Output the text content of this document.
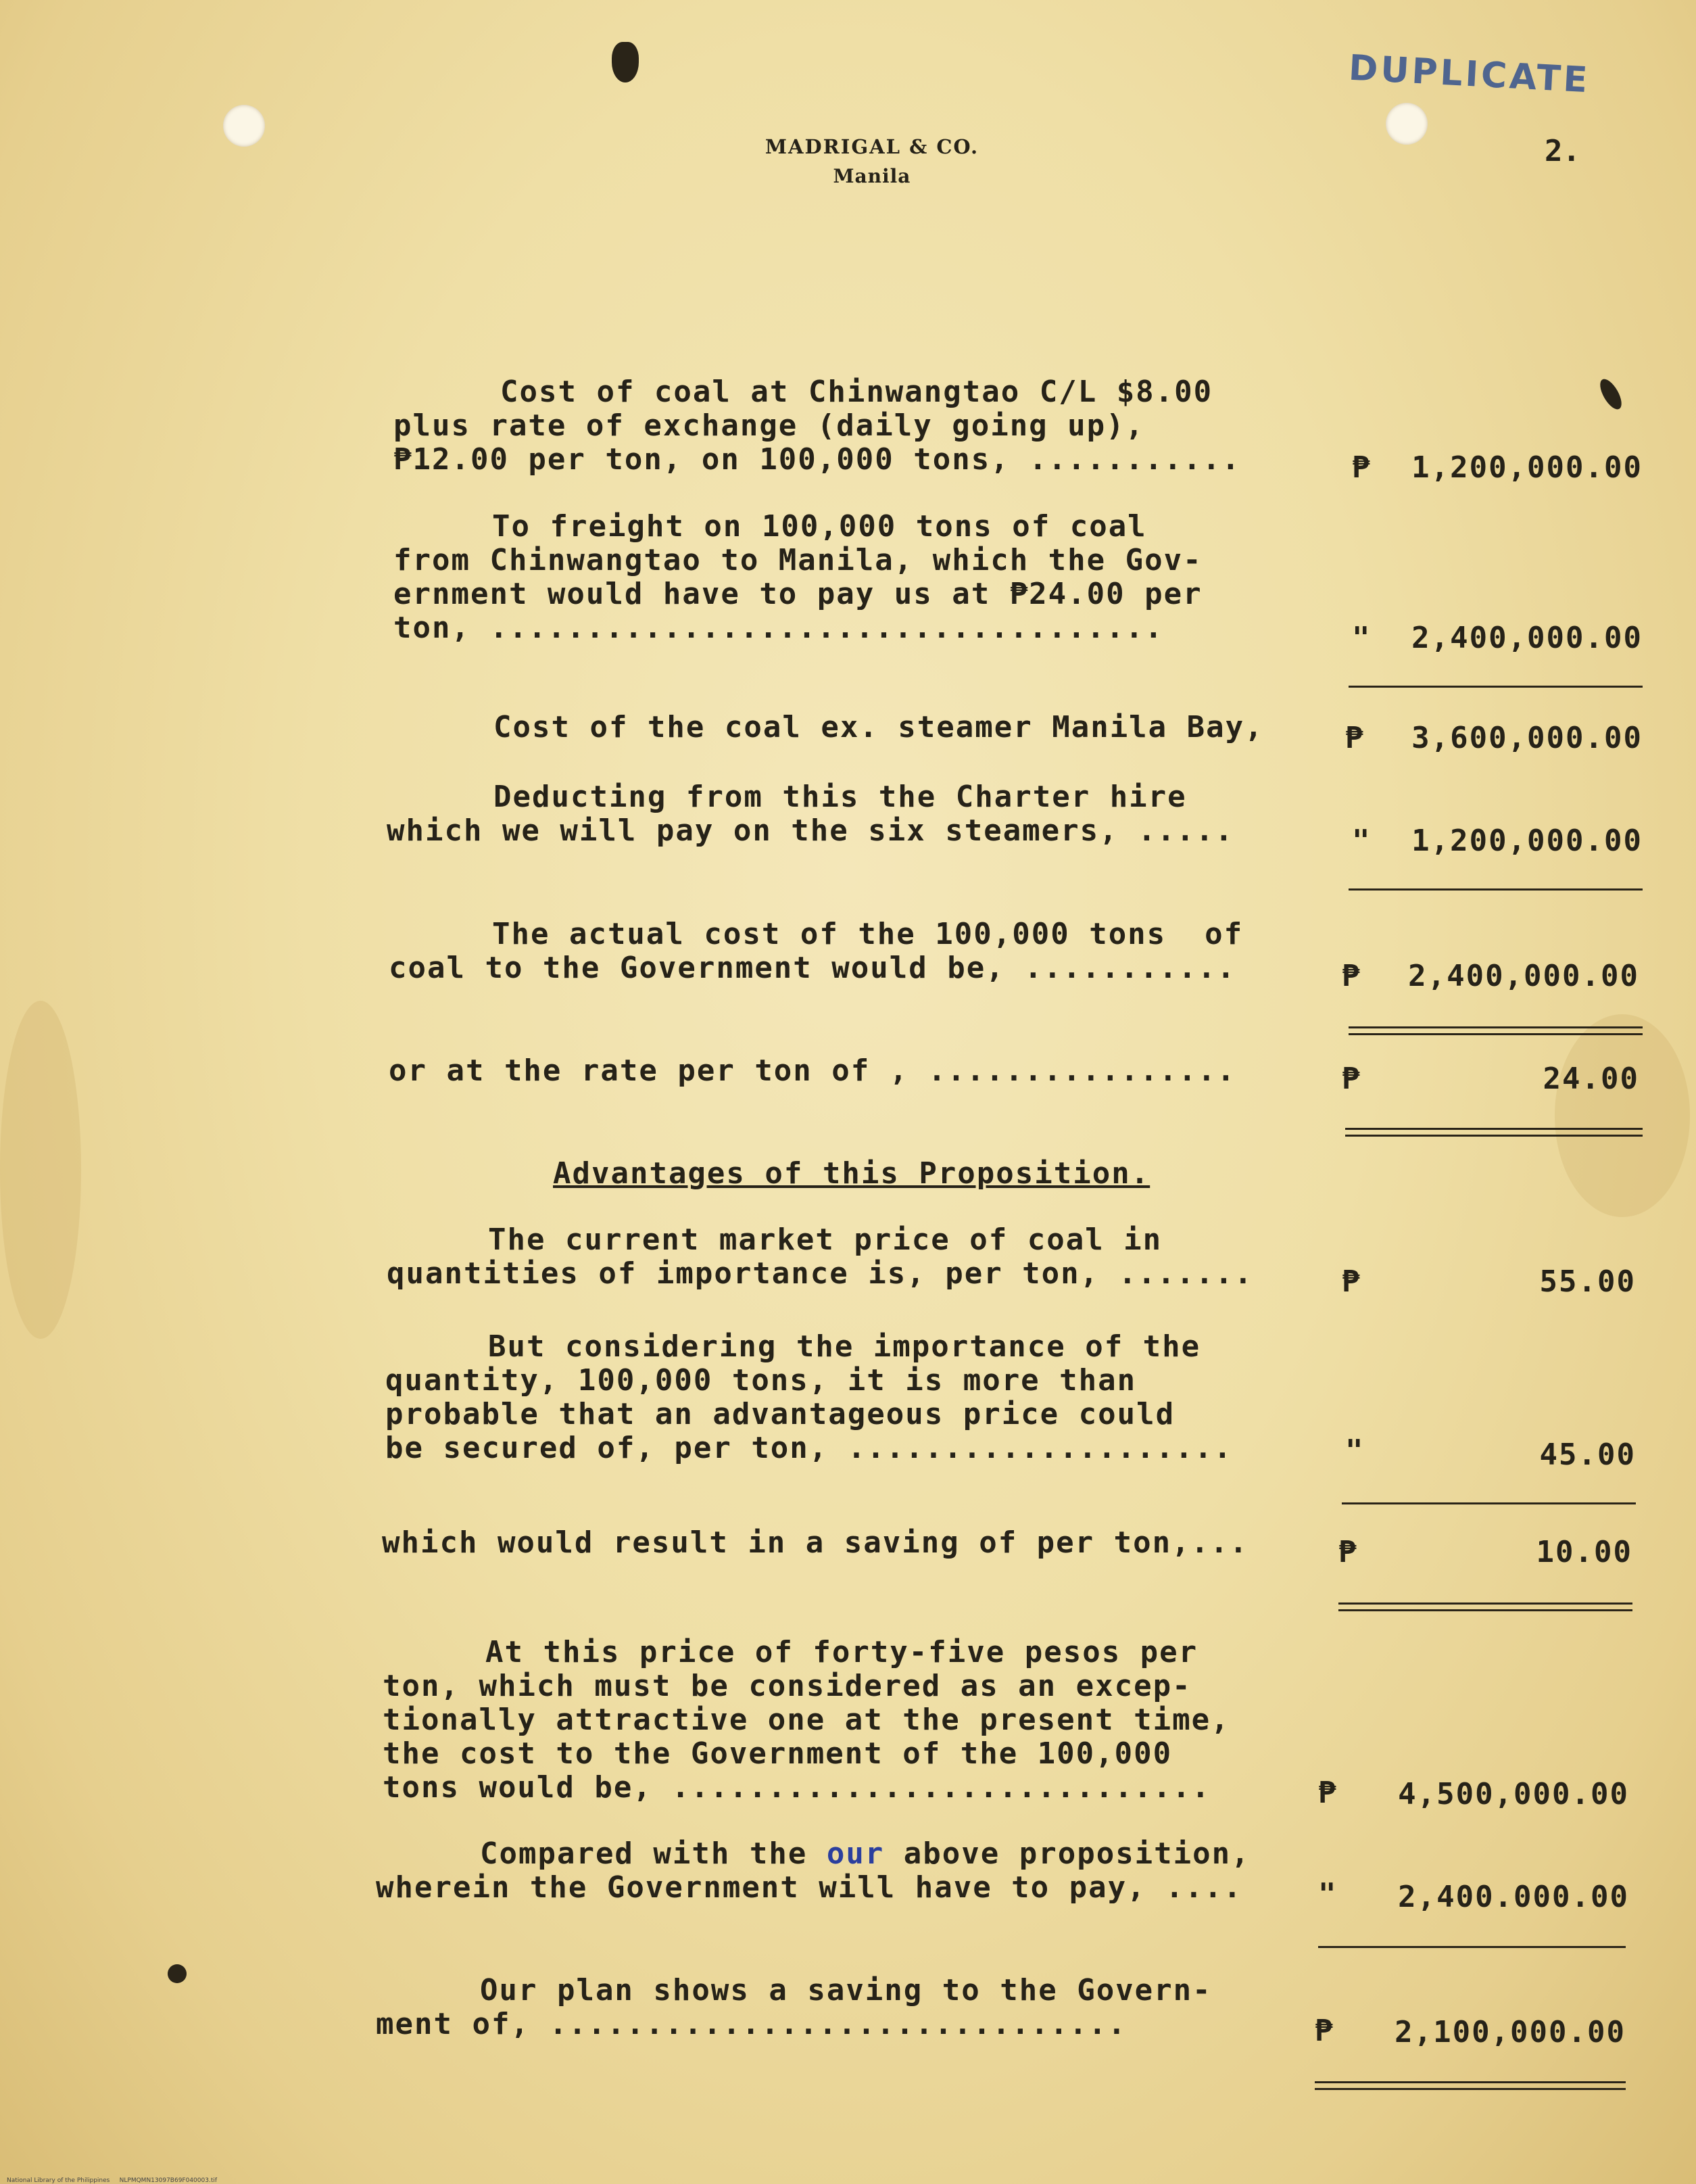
DUPLICATE
2.
MADRIGAL & CO.
Manila
Cost of coal at Chinwangtao C/L $8.00
plus rate of exchange (daily going up),
₱12.00 per ton, on 100,000 tons, ...........	₱	1,200,000.00
To freight on 100,000 tons of coal
from Chinwangtao to Manila, which the Gov-
ernment would have to pay us at ₱24.00 per
ton, ...................................	"	2,400,000.00
Cost of the coal ex. steamer Manila Bay,	₱	3,600,000.00
Deducting from this the Charter hire
which we will pay on the six steamers, .....	"	1,200,000.00
The actual cost of the 100,000 tons  of
coal to the Government would be, ...........	₱	2,400,000.00
or at the rate per ton of , ................	₱	24.00
Advantages of this Proposition.
The current market price of coal in
quantities of importance is, per ton, .......	₱	55.00
But considering the importance of the
quantity, 100,000 tons, it is more than
probable that an advantageous price could
be secured of, per ton, ....................	"	45.00
which would result in a saving of per ton,...	₱	10.00
At this price of forty-five pesos per
ton, which must be considered as an excep-
tionally attractive one at the present time,
the cost to the Government of the 100,000
tons would be, ............................	₱	4,500,000.00
Compared with the our above proposition,
wherein the Government will have to pay, ....	"	2,400.000.00
Our plan shows a saving to the Govern-
ment of, ..............................	₱	2,100,000.00
National Library of the Philippines     NLPMQMN13097B69F040003.tif
